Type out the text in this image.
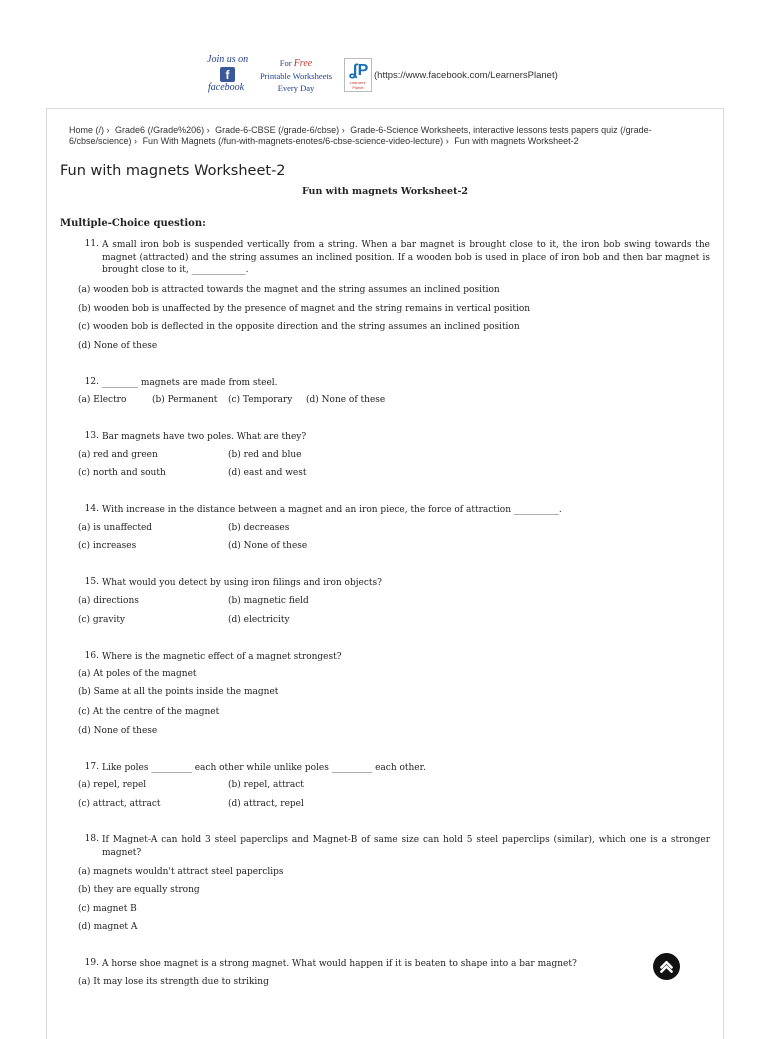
Join us on
f
facebook
For Free
Printable Worksheets
Every Day
ʆP
Learners' Planet
(https://www.facebook.com/LearnersPlanet)
Home (/) › Grade6 (/Grade%206) › Grade-6-CBSE (/grade-6/cbse) › Grade-6-Science Worksheets, interactive lessons tests papers quiz (/grade-6/cbse/science) › Fun With Magnets (/fun-with-magnets-enotes/6-cbse-science-video-lecture) › Fun with magnets Worksheet-2
Fun with magnets Worksheet-2
Fun with magnets Worksheet-2
Multiple-Choice question:
11. A small iron bob is suspended vertically from a string. When a bar magnet is brought close to it, the iron bob swing towards the magnet (attracted) and the string assumes an inclined position. If a wooden bob is used in place of iron bob and then bar magnet is brought close to it, ____________.
(a) wooden bob is attracted towards the magnet and the string assumes an inclined position
(b) wooden bob is unaffected by the presence of magnet and the string remains in vertical position
(c) wooden bob is deflected in the opposite direction and the string assumes an inclined position
(d) None of these
12. ________ magnets are made from steel.
(a) Electro	(b) Permanent (c) Temporary (d) None of these
13. Bar magnets have two poles. What are they?
(a) red and green	(b) red and blue
(c) north and south	(d) east and west
14. With increase in the distance between a magnet and an iron piece, the force of attraction __________.
(a) is unaffected	(b) decreases
(c) increases	(d) None of these
15. What would you detect by using iron filings and iron objects?
(a) directions	(b) magnetic field
(c) gravity	(d) electricity
16. Where is the magnetic effect of a magnet strongest?
(a) At poles of the magnet
(b) Same at all the points inside the magnet
(c) At the centre of the magnet
(d) None of these
17. Like poles _________ each other while unlike poles _________ each other.
(a) repel, repel	(b) repel, attract
(c) attract, attract	(d) attract, repel
18. If Magnet-A can hold 3 steel paperclips and Magnet-B of same size can hold 5 steel paperclips (similar), which one is a stronger magnet?
(a) magnets wouldn't attract steel paperclips
(b) they are equally strong
(c) magnet B
(d) magnet A
19. A horse shoe magnet is a strong magnet. What would happen if it is beaten to shape into a bar magnet?
(a) It may lose its strength due to striking
